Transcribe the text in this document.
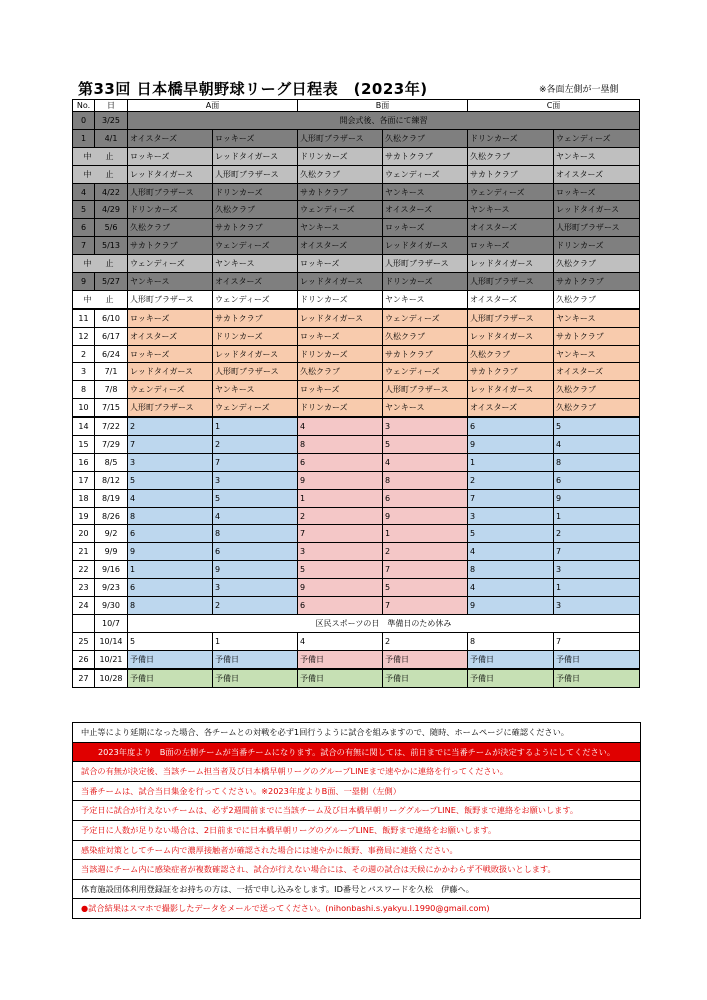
第33回 日本橋早朝野球リーグ日程表　(2023年)	※各面左側が一塁側
No.	日	A面		B面		C面	
0	3/25	開会式後、各面にて練習					
1	4/1	オイスターズ	ロッキーズ	人形町ブラザース	久松クラブ	ドリンカーズ	ウェンディーズ
中　止		ロッキーズ	レッドタイガース	ドリンカーズ	サカトクラブ	久松クラブ	ヤンキース
中　止		レッドタイガース	人形町ブラザース	久松クラブ	ウェンディーズ	サカトクラブ	オイスターズ
4	4/22	人形町ブラザース	ドリンカーズ	サカトクラブ	ヤンキース	ウェンディーズ	ロッキーズ
5	4/29	ドリンカーズ	久松クラブ	ウェンディーズ	オイスターズ	ヤンキース	レッドタイガース
6	5/6	久松クラブ	サカトクラブ	ヤンキース	ロッキーズ	オイスターズ	人形町ブラザース
7	5/13	サカトクラブ	ウェンディーズ	オイスターズ	レッドタイガース	ロッキーズ	ドリンカーズ
中　止		ウェンディーズ	ヤンキース	ロッキーズ	人形町ブラザース	レッドタイガース	久松クラブ
9	5/27	ヤンキース	オイスターズ	レッドタイガース	ドリンカーズ	人形町ブラザース	サカトクラブ
中　止		人形町ブラザース	ウェンディーズ	ドリンカーズ	ヤンキース	オイスターズ	久松クラブ
11	6/10	ロッキーズ	サカトクラブ	レッドタイガース	ウェンディーズ	人形町ブラザース	ヤンキース
12	6/17	オイスターズ	ドリンカーズ	ロッキーズ	久松クラブ	レッドタイガース	サカトクラブ
2	6/24	ロッキーズ	レッドタイガース	ドリンカーズ	サカトクラブ	久松クラブ	ヤンキース
3	7/1	レッドタイガース	人形町ブラザース	久松クラブ	ウェンディーズ	サカトクラブ	オイスターズ
8	7/8	ウェンディーズ	ヤンキース	ロッキーズ	人形町ブラザース	レッドタイガース	久松クラブ
10	7/15	人形町ブラザース	ウェンディーズ	ドリンカーズ	ヤンキース	オイスターズ	久松クラブ
14	7/22	2	1	4	3	6	5
15	7/29	7	2	8	5	9	4
16	8/5	3	7	6	4	1	8
17	8/12	5	3	9	8	2	6
18	8/19	4	5	1	6	7	9
19	8/26	8	4	2	9	3	1
20	9/2	6	8	7	1	5	2
21	9/9	9	6	3	2	4	7
22	9/16	1	9	5	7	8	3
23	9/23	6	3	9	5	4	1
24	9/30	8	2	6	7	9	3
	10/7	区民スポーツの日　準備日のため休み					
25	10/14	5	1	4	2	8	7
26	10/21	予備日	予備日	予備日	予備日	予備日	予備日
27	10/28	予備日	予備日	予備日	予備日	予備日	予備日
中止等により延期になった場合、各チームとの対戦を必ず1回行うように試合を組みますので、随時、ホームページに確認ください。
2023年度より　B面の左側チームが当番チームになります。試合の有無に関しては、前日までに当番チームが決定するようにしてください。
試合の有無が決定後、当該チーム担当者及び日本橋早朝リーグのグループLINEまで速やかに連絡を行ってください。
当番チームは、試合当日集金を行ってください。※2023年度よりB面、一塁側（左側）
予定日に試合が行えないチームは、必ず2週間前までに当該チーム及び日本橋早朝リーググループLINE、飯野まで連絡をお願いします。
予定日に人数が足りない場合は、2日前までに日本橋早朝リーグのグループLINE、飯野まで連絡をお願いします。
感染症対策としてチーム内で濃厚接触者が確認された場合には速やかに飯野、事務局に連絡ください。
当該週にチーム内に感染症者が複数確認され、試合が行えない場合には、その週の試合は天候にかかわらず不戦敗扱いとします。
体育施設団体利用登録証をお持ちの方は、一括で申し込みをします。ID番号とパスワードを久松　伊藤へ。
●試合結果はスマホで撮影したデータをメールで送ってください。(nihonbashi.s.yakyu.l.1990@gmail.com)
